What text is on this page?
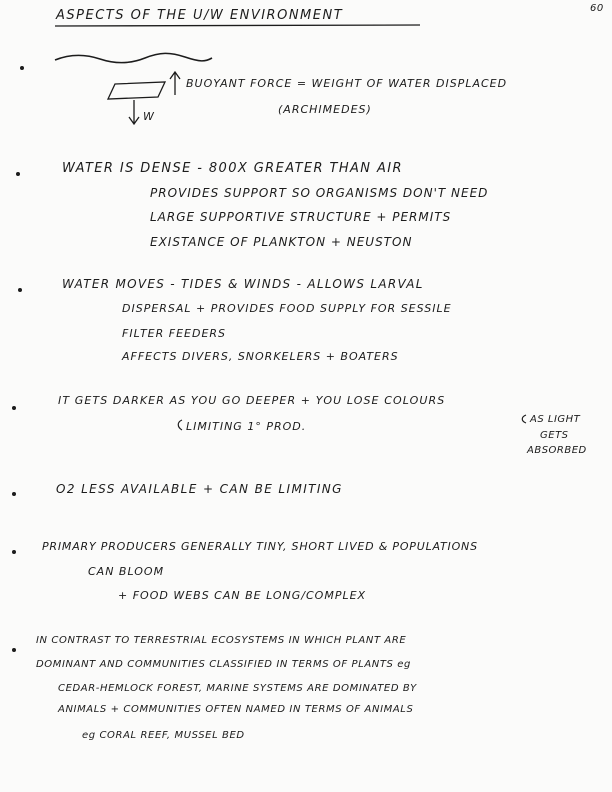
60
ASPECTS OF THE U/W ENVIRONMENT
BUOYANT FORCE = WEIGHT OF WATER DISPLACED
(ARCHIMEDES)
W
WATER IS DENSE - 800X GREATER THAN AIR
PROVIDES SUPPORT SO ORGANISMS DON'T NEED
LARGE SUPPORTIVE STRUCTURE + PERMITS
EXISTANCE OF PLANKTON + NEUSTON
WATER MOVES - TIDES & WINDS - ALLOWS LARVAL
DISPERSAL + PROVIDES FOOD SUPPLY FOR SESSILE
FILTER FEEDERS
AFFECTS DIVERS, SNORKELERS + BOATERS
IT GETS DARKER AS YOU GO DEEPER + YOU LOSE COLOURS
LIMITING 1° PROD.
AS LIGHT
GETS
ABSORBED
O2 LESS AVAILABLE + CAN BE LIMITING
PRIMARY PRODUCERS GENERALLY TINY, SHORT LIVED & POPULATIONS
CAN BLOOM
+ FOOD WEBS CAN BE LONG/COMPLEX
IN CONTRAST TO TERRESTRIAL ECOSYSTEMS IN WHICH PLANT ARE
DOMINANT AND COMMUNITIES CLASSIFIED IN TERMS OF PLANTS eg
CEDAR-HEMLOCK FOREST, MARINE SYSTEMS ARE DOMINATED BY
ANIMALS + COMMUNITIES OFTEN NAMED IN TERMS OF ANIMALS
eg CORAL REEF, MUSSEL BED
